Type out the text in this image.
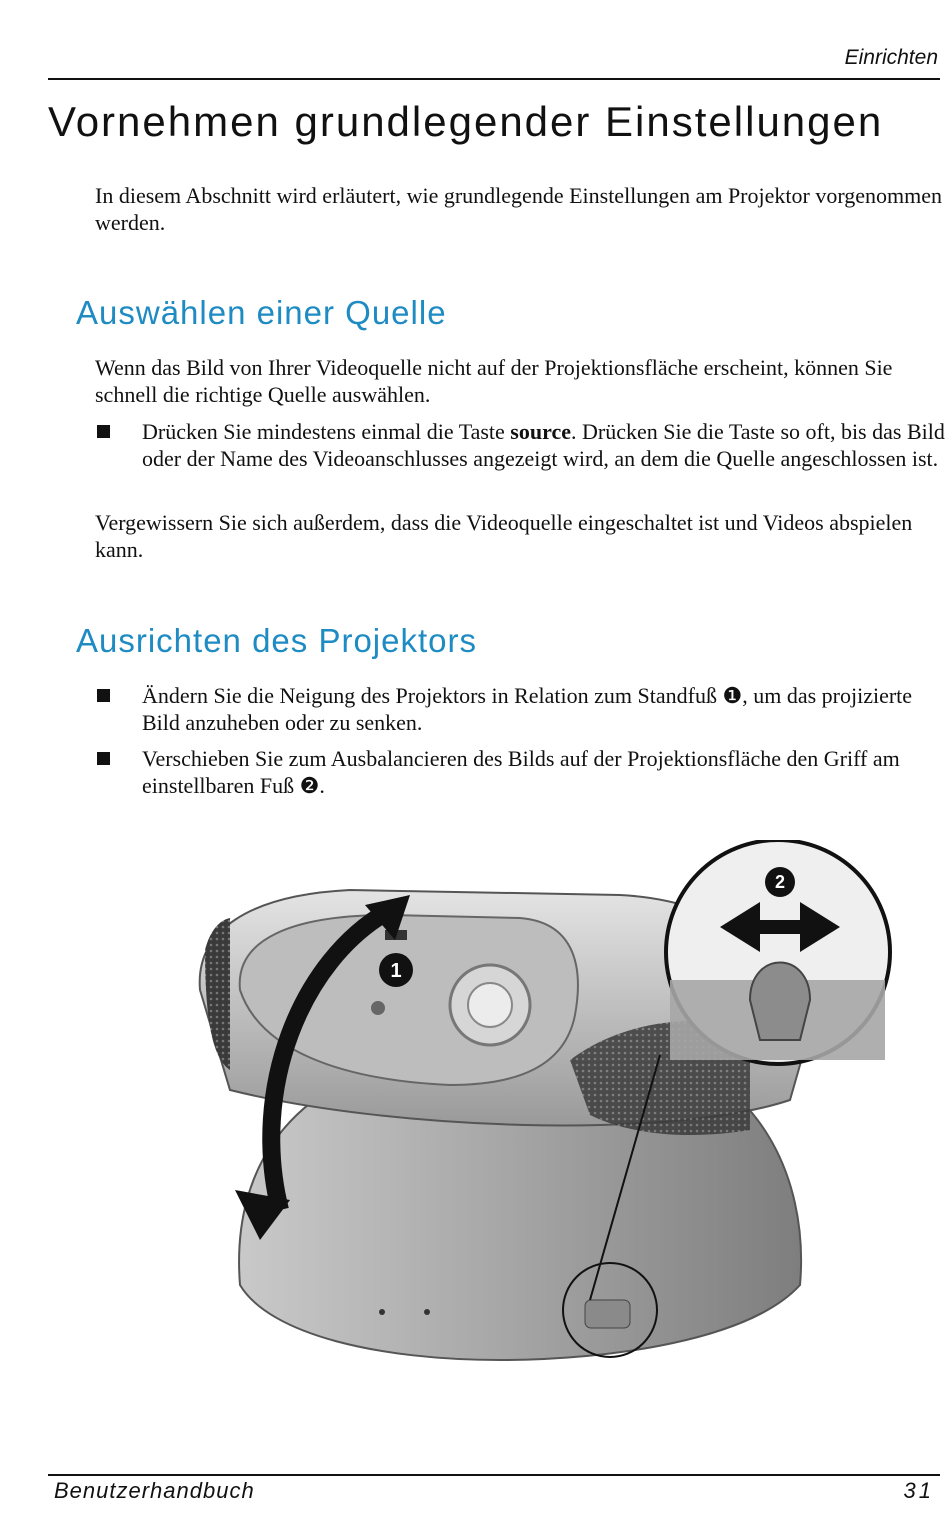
Einrichten
Vornehmen grundlegender Einstellungen

In diesem Abschnitt wird erläutert, wie grundlegende Einstellungen am Projektor vorgenommen werden.

Auswählen einer Quelle

Wenn das Bild von Ihrer Videoquelle nicht auf der Projektionsfläche erscheint, können Sie schnell die richtige Quelle auswählen.

Drücken Sie mindestens einmal die Taste source. Drücken Sie die Taste so oft, bis das Bild oder der Name des Videoanschlusses angezeigt wird, an dem die Quelle angeschlossen ist.

Vergewissern Sie sich außerdem, dass die Videoquelle eingeschaltet ist und Videos abspielen kann.

Ausrichten des Projektors
Ändern Sie die Neigung des Projektors in Relation zum Standfuß ❶, um das projizierte Bild anzuheben oder zu senken.
Verschieben Sie zum Ausbalancieren des Bilds auf der Projektionsfläche den Griff am einstellbaren Fuß ❷.
1
2
Benutzerhandbuch	31
